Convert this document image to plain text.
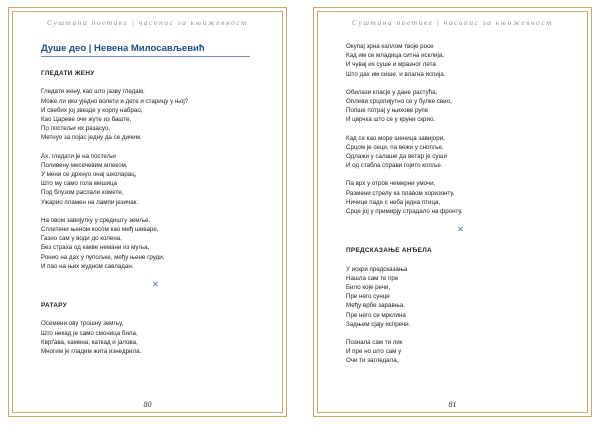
Суштина поетике | часопис за књижевност
Душе део | Невена Милосављевић
ГЛЕДАТИ ЖЕНУ
Гледати жену, као што јазву гледам,
Може ли ико уједно волети и дете и старицу у њој?
И свебих јој звезде у корпу набрао,
Као Цареве очи жуте из баште,
По постељи их разасуо,
Метнуо за појас једну да се дичим.
Ах, гледати је на постељи
Поливену месечевим млеком,
У мени се дрхнуо онај школарац,
Што му само гола мишица
Под блузом распали комете,
Ужарио пламен на лампи језичак.
На овом завијутку у средишту земље,
Сплетени њеном косом као међ шеварe,
Газио сам у води до колена,
Без страха од какве немани из муља,
Ронио на дах у пупољке, међу њене груди,
И пао на њих жудном савладан.
✕
РАТАРУ
Осемени ову трошну земљу,
Што некад је само смоница била,
Кврґава, камена, каткад и јалова,
Многим је гладим жита изнедрила.
80
Суштина поетике | часопис за књижевност
Окупај зрна каплом твоје росе
Кад им се младица ситна исклија,
И чувај их суше и мразног лета
Што дах им сише, и влагна испија.
Обилази класје у дане растућа,
Оплеви срцопијутно се у булке свио,
Попше потрај у њихове рупе
И цврчка што се у круни скрио.
Кад се као море шеница завијори,
Срцом је сеци, па вежи у снопље,
Одлажи у салаше да ветар је суши
И од стабла справи гојито копље.
Па врх у отров чемерни умочи,
Размени стрелу ка плавом хоризонту,
Ничице паде с неба једна птица,
Срце јој у примирју страдало на фронту.
✕
ПРЕДСКАЗАЊЕ АНЂЕЛА
У искри предсказања
Нашла сам те пре
Било које речи,
Пре него сунце
Међу врбе заравња,
Пре него се мрклина
Задњем сјају испречи.
Познала сам ти лик
И пре но што сам у
Очи ти загледала,
81
